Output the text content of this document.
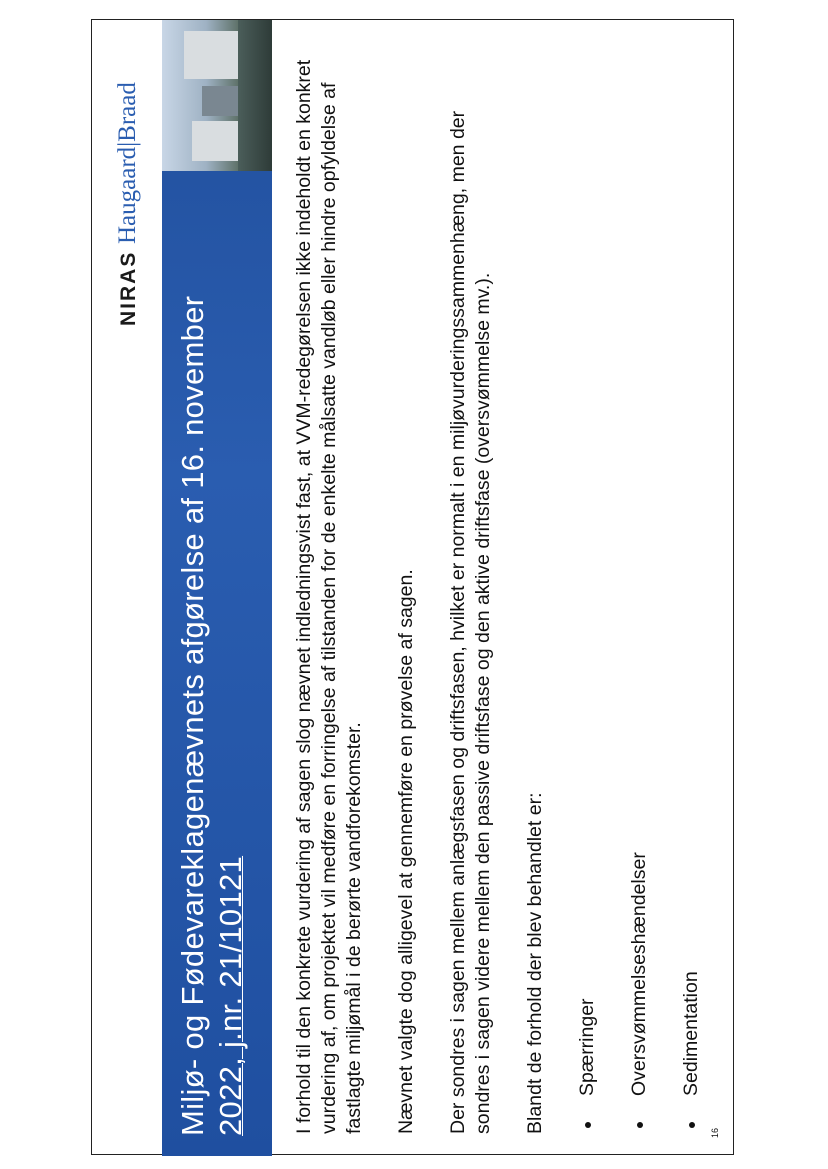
NIRAS
Haugaard|Braad
Miljø- og Fødevareklagenævnets afgørelse af 16. november 2022, j.nr. 21/10121 I forhold til den konkrete vurdering af sagen slog nævnet indledningsvist fast, at VVM-redegørelsen ikke indeholdt en konkret vurdering af, om projektet vil medføre en forringelse af tilstanden for de enkelte målsatte vandløb eller hindre opfyldelse af fastlagte miljømål i de berørte vandforekomster. Nævnet valgte dog alligevel at gennemføre en prøvelse af sagen. Der sondres i sagen mellem anlægsfasen og driftsfasen, hvilket er normalt i en miljøvurderingssammenhæng, men der sondres i sagen videre mellem den passive driftsfase og den aktive driftsfase (oversvømmelse mv.). Blandt de forhold der blev behandlet er: Spærringer Oversvømmelseshændelser Sedimentation
16
